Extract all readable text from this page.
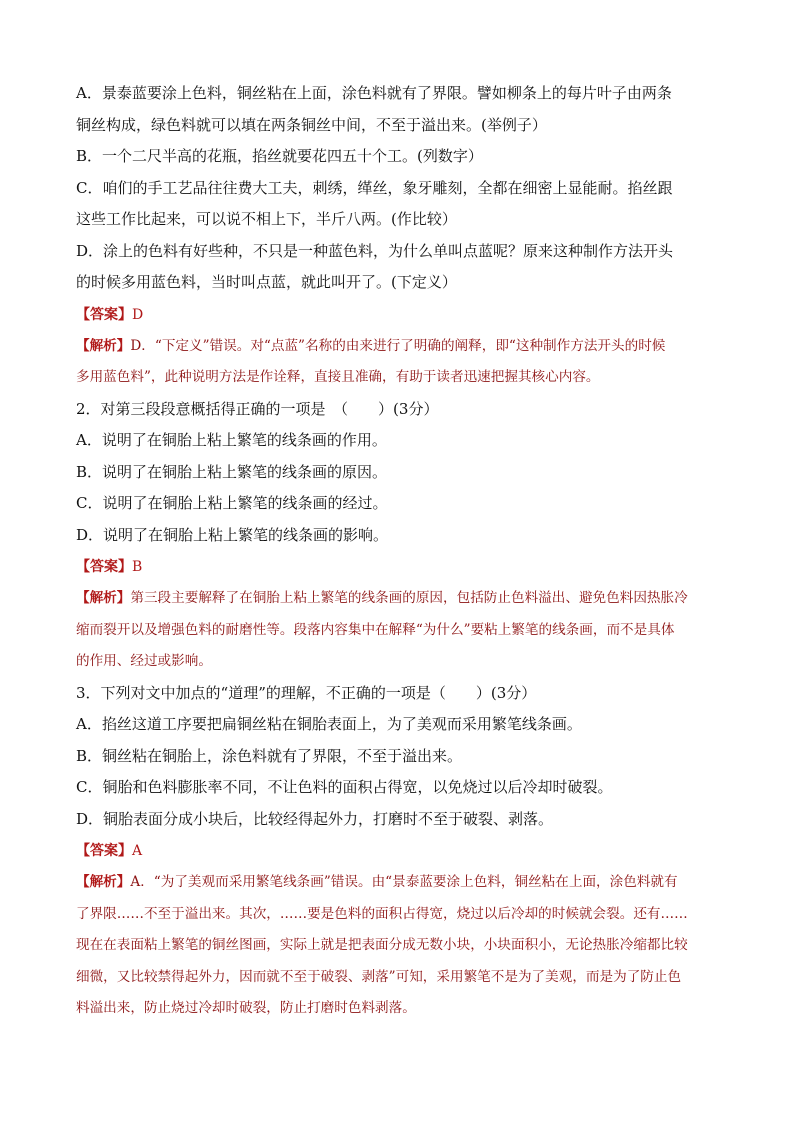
A．景泰蓝要涂上色料，铜丝粘在上面，涂色料就有了界限。譬如柳条上的每片叶子由两条
铜丝构成，绿色料就可以填在两条铜丝中间，不至于溢出来。(举例子）
B．一个二尺半高的花瓶，掐丝就要花四五十个工。(列数字）
C．咱们的手工艺品往往费大工夫，刺绣，缂丝，象牙雕刻，全都在细密上显能耐。掐丝跟
这些工作比起来，可以说不相上下，半斤八两。(作比较）
D．涂上的色料有好些种，不只是一种蓝色料，为什么单叫点蓝呢？原来这种制作方法开头
的时候多用蓝色料，当时叫点蓝，就此叫开了。(下定义）
【答案】D
【解析】D．“下定义”错误。对“点蓝”名称的由来进行了明确的阐释，即“这种制作方法开头的时候
多用蓝色料”，此种说明方法是作诠释，直接且准确，有助于读者迅速把握其核心内容。
2．对第三段段意概括得正确的一项是　（　　）(3分）
A．说明了在铜胎上粘上繁笔的线条画的作用。
B．说明了在铜胎上粘上繁笔的线条画的原因。
C．说明了在铜胎上粘上繁笔的线条画的经过。
D．说明了在铜胎上粘上繁笔的线条画的影响。
【答案】B
【解析】第三段主要解释了在铜胎上粘上繁笔的线条画的原因，包括防止色料溢出、避免色料因热胀冷
缩而裂开以及增强色料的耐磨性等。段落内容集中在解释“为什么”要粘上繁笔的线条画，而不是具体
的作用、经过或影响。
3．下列对文中加点的“道理”的理解，不正确的一项是（　　）(3分）
A．掐丝这道工序要把扁铜丝粘在铜胎表面上，为了美观而采用繁笔线条画。
B．铜丝粘在铜胎上，涂色料就有了界限，不至于溢出来。
C．铜胎和色料膨胀率不同，不让色料的面积占得宽，以免烧过以后冷却时破裂。
D．铜胎表面分成小块后，比较经得起外力，打磨时不至于破裂、剥落。
【答案】A
【解析】A．“为了美观而采用繁笔线条画”错误。由“景泰蓝要涂上色料，铜丝粘在上面，涂色料就有
了界限……不至于溢出来。其次，……要是色料的面积占得宽，烧过以后冷却的时候就会裂。还有……
现在在表面粘上繁笔的铜丝图画，实际上就是把表面分成无数小块，小块面积小，无论热胀冷缩都比较
细微，又比较禁得起外力，因而就不至于破裂、剥落”可知，采用繁笔不是为了美观，而是为了防止色
料溢出来，防止烧过冷却时破裂，防止打磨时色料剥落。
